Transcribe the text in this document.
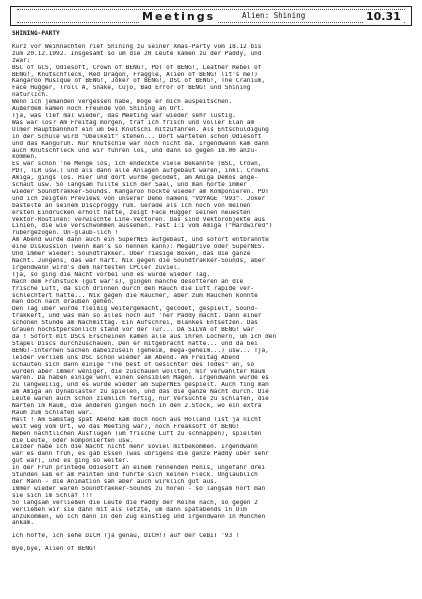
Meetings	Alien: Shining	10.31
SHINING-PARTY
Kurz vor Weihnachten rief Shining zu seiner Xmas-Party vom 18.12 bis
zum 20.12.1992. Insgesamt so um die 20 Leute kamen zu der Paddy, und
zwar:
BSC of GCS, Odiesoft, Crown of BENG!, PDT of BENG!, Leather Rebel of
BENG!, Knutschfleck, Red Dragon, Fraggle, Alien of BENG! (it's me!)
Kangaroo Musique of BENG!, Joker of BENG!, DSC of BENG!, The Cranium,
Face Hugger, Troll A, Snake, Cujo, Bad Error of BENG! und Shining
natürlich.
Wenn ich jemanden vergessen habe, möge er mich auspeitschen.
Außerdem kamen noch Freunde von Shining an Ort.
Tja, was lief mal wieder, das Meeting war wieder sehr lustig.
Was war los? Am Freitag morgen, traf ich frisch und voller Elan am
Ulmer Hauptbahnhof ein um bei Knutschi mitzufahren. Als Entschuldigung
in der Schule wird "Übelkeit" stehen... Dort warteten schon Odiesoft
und das Känguruh. Nur Knutschie war noch nicht da. Irgendwann kam dann
auch Knutschfleck und wir fuhren los, und dann so gegen 18.00 anzu-
kommen.
Es war schon 'ne Menge los, ich endeckte viele Bekannte (BSC, Crown,
PDT, TLR usw.) und als dann alle Anlagen aufgebaut waren, inkl. Crowns
Amiga, gings los. Hier und dort wurde gecodet, am Amiga Demos ange-
schaut usw. So langsam füllte sich der Saal, und man hörte immer
wieder Soundtrakker-Sounds. Kangaroo hockte wieder am Komponieren. PDT
und ich zeigten Previews von unserer Demo namens "VOYAGE '993". Joker
bastelte an seinem Discproggy rum. Gerade als ich noch von meinen
ersten Eindrücken erholt hatte, zeigt Face Hugger seinen neuesten
Vektor-Routinen: verwischte Line-Vectoren. Das sind Vektorobjekte aus
Linien, die wie verschwommen aussehen. Fast 1:1 vom Amiga ("Hardwired")
rübergezogen. Un-glaub-lich !
Am Abend wurde dann auch ein SuperNES aufgebaut, und sofort entbrannte
eine Diskussion (wenn man's so nennen kann): MegaDrive oder SuperNES.
Und immer wieder: Soundtrakker. Über riesige Boxen, das die ganze
Nacht. Jungens, das war hart. Nix gegen die Soundtrakker-Sounds, aber
irgendwann wird's dem härtesten CPCler zuviel.
Tja, so ging die Nacht vorbei und es wurde wieder Tag.
Nach dem Frühstück (gut war's), gingen manche desöfteren an die
frische Luft, da sich drinnen durch den Rauch die Luft rapide ver-
schlechtert hatte... Nix gegen die Raucher, aber zum Rauchen könnte
man doch nach draußen gehen.
Den Tag über wurde fleißig weitergemacht, gecodet, gespielt, Sound-
trakkert, und was man so alles noch auf 'ner Paddy macht. Dann einer
schönen Stunde am Nachmittag. Ein Aufschrei, Blankes Entsetzen. Das
Grauen höchstpersönlich stand vor der Tür... DA SILVA of BENG! war
da ! Sofort mit DSCs Erscheinen kamen alle aus ihren Löchern, um ich den
Stapel Discs durchzuschauen. Den er mitgebracht hatte... und da bei
BENG!-internen Sachen dabeizusein (geheim, mega-geheim...) usw... Tja,
leider verließ uns DSC schon wieder am Abend. Am Freitag Abend
schauten sich dann einige "The best of Gesichter des Todes" an, so
wurden aber immer weniger, die zuschauen wollten, mir verwählter Raum
waren. Da haben einige wohl einen sensiblen Magen. Irgendwann wurde es
zu langweilig, und es wurde wieder am SuperNES gespielt. Auch fing man
am Amiga an Dynablaster zu spielen, und das die ganze Nacht durch. Die
Leute waren auch schon ziemlich fertig, nur Versuchte zu schlafen, die
Narten im Raum, die anderen gingen hoch in den 2.Stock, wo ein extra
Raum zum Schlafen war.
Halt ! Am Samstag spät Abend kam doch noch aus Holland (ist ja nicht
weit weg vom Ort, wo das Meeting war), noch Freaksoft of BENG!
Neben nächtlichen Ausflügen (um frische Luft zu schnappen), spielten
die Leute, oder komponierten usw.
Leider habe ich die Nacht nicht mehr soviel mitbekommen. Irgendwann
war es dann früh, es gab Essen (was übrigens die ganze Paddy über sehr
gut war), und es ging so weiter.
In der Früh printede Odiesoft an einem rennenden Penis, ungefähr drei
Stunden saß er am Painten und führte sich keinen Fleck. Ungläublich
der Mann - die Animation sah aber auch wirklich gut aus.
Immer wieder waren Soundtrakker-Sounds zu hören - so langsam hört man
sie sich im Schlaf !!!
So langsam verließen die Leute die Paddy der Reihe nach, so gegen 2
verließen wir sie dann mit als letzte, um dann spätabends in Ulm
anzukommen, wo ich dann in den Zug einstieg und irgendwann in München
ankam.
Ich hoffe, ich sehe DICH (ja genau, DICH!) auf der CeBIT '93 !
Bye,bye, Alien of BENG!
